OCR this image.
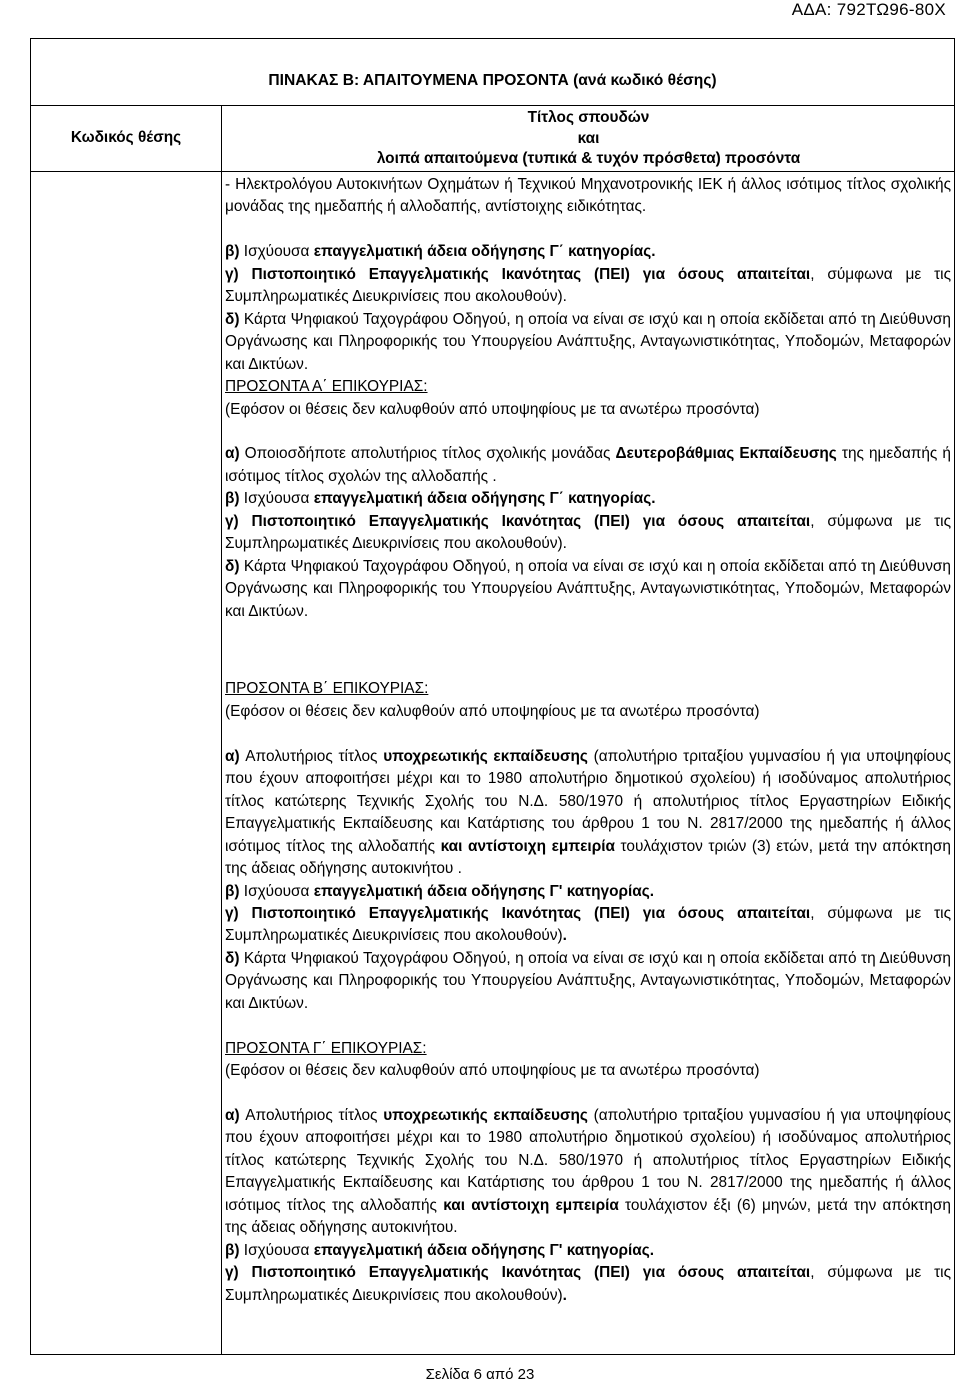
ΑΔΑ: 792ΤΩ96-80Χ
ΠΙΝΑΚΑΣ Β: ΑΠΑΙΤΟΥΜΕΝΑ ΠΡΟΣΟΝΤΑ (ανά κωδικό θέσης)
Κωδικός θέσης
Τίτλος σπουδών
και
λοιπά απαιτούμενα (τυπικά & τυχόν πρόσθετα) προσόντα

- Ηλεκτρολόγου Αυτοκινήτων Οχημάτων ή Τεχνικού Μηχανοτρονικής ΙΕΚ ή άλλος ισότιμος τίτλος σχολικής μονάδας της ημεδαπής ή αλλοδαπής, αντίστοιχης ειδικότητας.

β) Ισχύουσα επαγγελματική άδεια οδήγησης Γ΄ κατηγορίας.

γ) Πιστοποιητικό Επαγγελματικής Ικανότητας (ΠΕΙ) για όσους απαιτείται, σύμφωνα με τις Συμπληρωματικές Διευκρινίσεις που ακολουθούν).

δ) Κάρτα Ψηφιακού Ταχογράφου Οδηγού, η οποία να είναι σε ισχύ και η οποία εκδίδεται από τη Διεύθυνση Οργάνωσης και Πληροφορικής του Υπουργείου Ανάπτυξης, Ανταγωνιστικότητας, Υποδομών, Μεταφορών και Δικτύων.

ΠΡΟΣΟΝΤΑ Α΄ ΕΠΙΚΟΥΡΙΑΣ:

(Εφόσον οι θέσεις δεν καλυφθούν από υποψηφίους με τα ανωτέρω προσόντα)

α) Οποιοσδήποτε απολυτήριος τίτλος σχολικής μονάδας Δευτεροβάθμιας Εκπαίδευσης της ημεδαπής ή ισότιμος τίτλος σχολών της αλλοδαπής .

β) Ισχύουσα επαγγελματική άδεια οδήγησης Γ΄ κατηγορίας.

γ) Πιστοποιητικό Επαγγελματικής Ικανότητας (ΠΕΙ) για όσους απαιτείται, σύμφωνα με τις Συμπληρωματικές Διευκρινίσεις που ακολουθούν).

δ) Κάρτα Ψηφιακού Ταχογράφου Οδηγού, η οποία να είναι σε ισχύ και η οποία εκδίδεται από τη Διεύθυνση Οργάνωσης και Πληροφορικής του Υπουργείου Ανάπτυξης, Ανταγωνιστικότητας, Υποδομών, Μεταφορών και Δικτύων.

ΠΡΟΣΟΝΤΑ Β΄ ΕΠΙΚΟΥΡΙΑΣ:

(Εφόσον οι θέσεις δεν καλυφθούν από υποψηφίους με τα ανωτέρω προσόντα)

α) Απολυτήριος τίτλος υποχρεωτικής εκπαίδευσης (απολυτήριο τριταξίου γυμνασίου ή για υποψηφίους που έχουν αποφοιτήσει μέχρι και το 1980 απολυτήριο δημοτικού σχολείου) ή ισοδύναμος απολυτήριος τίτλος κατώτερης Τεχνικής Σχολής του Ν.Δ. 580/1970 ή απολυτήριος τίτλος Εργαστηρίων Ειδικής Επαγγελματικής Εκπαίδευσης και Κατάρτισης του άρθρου 1 του Ν. 2817/2000 της ημεδαπής ή άλλος ισότιμος τίτλος της αλλοδαπής και αντίστοιχη εμπειρία τουλάχιστον τριών (3) ετών, μετά την απόκτηση της άδειας οδήγησης αυτοκινήτου .

β) Ισχύουσα επαγγελματική άδεια οδήγησης Γ' κατηγορίας.

γ) Πιστοποιητικό Επαγγελματικής Ικανότητας (ΠΕΙ) για όσους απαιτείται, σύμφωνα με τις Συμπληρωματικές Διευκρινίσεις που ακολουθούν).

δ) Κάρτα Ψηφιακού Ταχογράφου Οδηγού, η οποία να είναι σε ισχύ και η οποία εκδίδεται από τη Διεύθυνση Οργάνωσης και Πληροφορικής του Υπουργείου Ανάπτυξης, Ανταγωνιστικότητας, Υποδομών, Μεταφορών και Δικτύων.

ΠΡΟΣΟΝΤΑ Γ΄ ΕΠΙΚΟΥΡΙΑΣ:

(Εφόσον οι θέσεις δεν καλυφθούν από υποψηφίους με τα ανωτέρω προσόντα)

α) Απολυτήριος τίτλος υποχρεωτικής εκπαίδευσης (απολυτήριο τριταξίου γυμνασίου ή για υποψηφίους που έχουν αποφοιτήσει μέχρι και το 1980 απολυτήριο δημοτικού σχολείου) ή ισοδύναμος απολυτήριος τίτλος κατώτερης Τεχνικής Σχολής του Ν.Δ. 580/1970 ή απολυτήριος τίτλος Εργαστηρίων Ειδικής Επαγγελματικής Εκπαίδευσης και Κατάρτισης του άρθρου 1 του Ν. 2817/2000 της ημεδαπής ή άλλος ισότιμος τίτλος της αλλοδαπής και αντίστοιχη εμπειρία τουλάχιστον έξι (6) μηνών, μετά την απόκτηση της άδειας οδήγησης αυτοκινήτου.

β) Ισχύουσα επαγγελματική άδεια οδήγησης Γ' κατηγορίας.

γ) Πιστοποιητικό Επαγγελματικής Ικανότητας (ΠΕΙ) για όσους απαιτείται, σύμφωνα με τις Συμπληρωματικές Διευκρινίσεις που ακολουθούν).

Σελίδα 6 από 23
